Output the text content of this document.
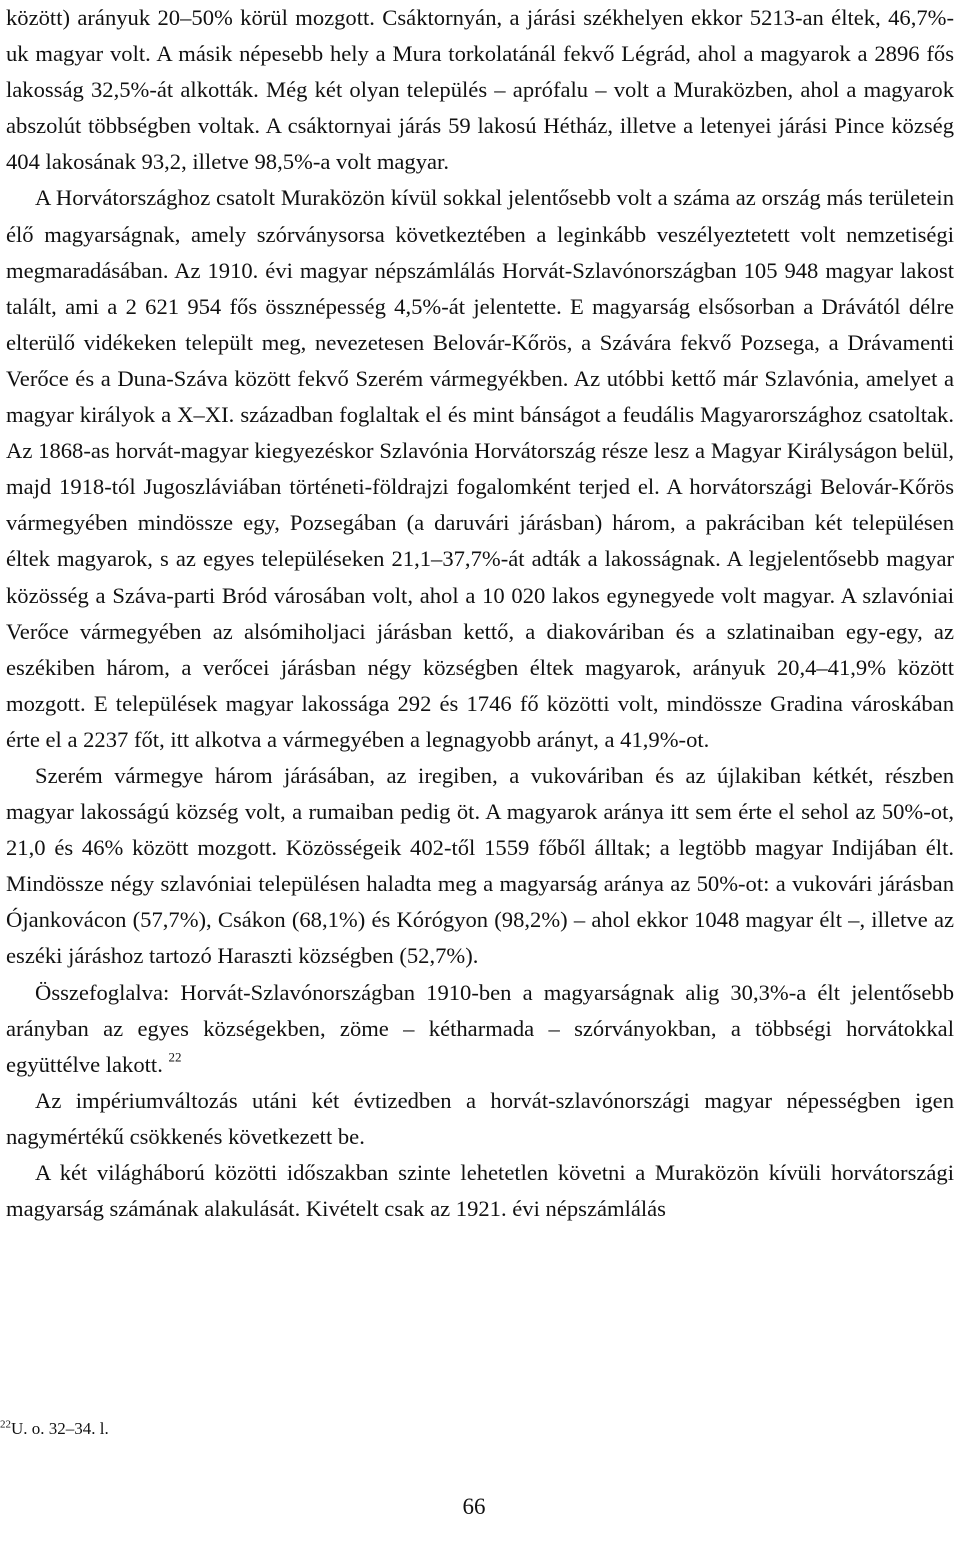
között) arányuk 20–50% körül mozgott. Csáktornyán, a járási székhelyen ekkor 5213-an éltek, 46,7%-uk magyar volt. A másik népesebb hely a Mura torkolatánál fekvő Légrád, ahol a magyarok a 2896 fős lakosság 32,5%-át alkották. Még két olyan település – aprófalu – volt a Muraközben, ahol a magyarok abszolút többségben voltak. A csáktornyai járás 59 lakosú Hétház, illetve a letenyei járási Pince község 404 lakosának 93,2, illetve 98,5%-a volt magyar.

A Horvátországhoz csatolt Muraközön kívül sokkal jelentősebb volt a száma az ország más területein élő magyarságnak, amely szórványsorsa következtében a leginkább veszélyeztetett volt nemzetiségi megmaradásában. Az 1910. évi magyar népszámlálás Horvát-Szlavónországban 105 948 magyar lakost talált, ami a 2 621 954 fős össznépesség 4,5%-át jelentette. E magyarság elsősorban a Drávától délre elterülő vidékeken települt meg, nevezetesen Belovár-Kőrös, a Szávára fekvő Pozsega, a Drávamenti Verőce és a Duna-Száva között fekvő Szerém vármegyékben. Az utóbbi kettő már Szlavónia, amelyet a magyar királyok a X–XI. században foglaltak el és mint bánságot a feudális Magyarországhoz csatoltak. Az 1868-as horvát-magyar kiegyezéskor Szlavónia Horvátország része lesz a Magyar Királyságon belül, majd 1918-tól Jugoszláviában történeti-földrajzi fogalomként terjed el. A horvátországi Belovár-Kőrös vármegyében mindössze egy, Pozsegában (a daruvári járásban) három, a pakráciban két településen éltek magyarok, s az egyes településeken 21,1–37,7%-át adták a lakosságnak. A legjelentősebb magyar közösség a Száva-parti Bród városában volt, ahol a 10 020 lakos egynegyede volt magyar. A szlavóniai Verőce vármegyében az alsómiholjaci járásban kettő, a diakováriban és a szlatinaiban egy-egy, az eszékiben három, a verőcei járásban négy községben éltek magyarok, arányuk 20,4–41,9% között mozgott. E települések magyar lakossága 292 és 1746 fő közötti volt, mindössze Gradina városkában érte el a 2237 főt, itt alkotva a vármegyében a legnagyobb arányt, a 41,9%-ot.

Szerém vármegye három járásában, az iregiben, a vukováriban és az újlakiban kétkét, részben magyar lakosságú község volt, a rumaiban pedig öt. A magyarok aránya itt sem érte el sehol az 50%-ot, 21,0 és 46% között mozgott. Közösségeik 402-től 1559 főből álltak; a legtöbb magyar Indijában élt. Mindössze négy szlavóniai településen haladta meg a magyarság aránya az 50%-ot: a vukovári járásban Ójankovácon (57,7%), Csákon (68,1%) és Kórógyon (98,2%) – ahol ekkor 1048 magyar élt –, illetve az eszéki járáshoz tartozó Haraszti községben (52,7%).

Összefoglalva: Horvát-Szlavónországban 1910-ben a magyarságnak alig 30,3%-a élt jelentősebb arányban az egyes községekben, zöme – kétharmada – szórványokban, a többségi horvátokkal együttélve lakott. $^{22}$

Az impériumváltozás utáni két évtizedben a horvát-szlavónországi magyar népességben igen nagymértékű csökkenés következett be.

A két világháború közötti időszakban szinte lehetetlen követni a Muraközön kívüli horvátországi magyarság számának alakulását. Kivételt csak az 1921. évi népszámlálás

$^{22}$U. o. 32–34. l.
66
